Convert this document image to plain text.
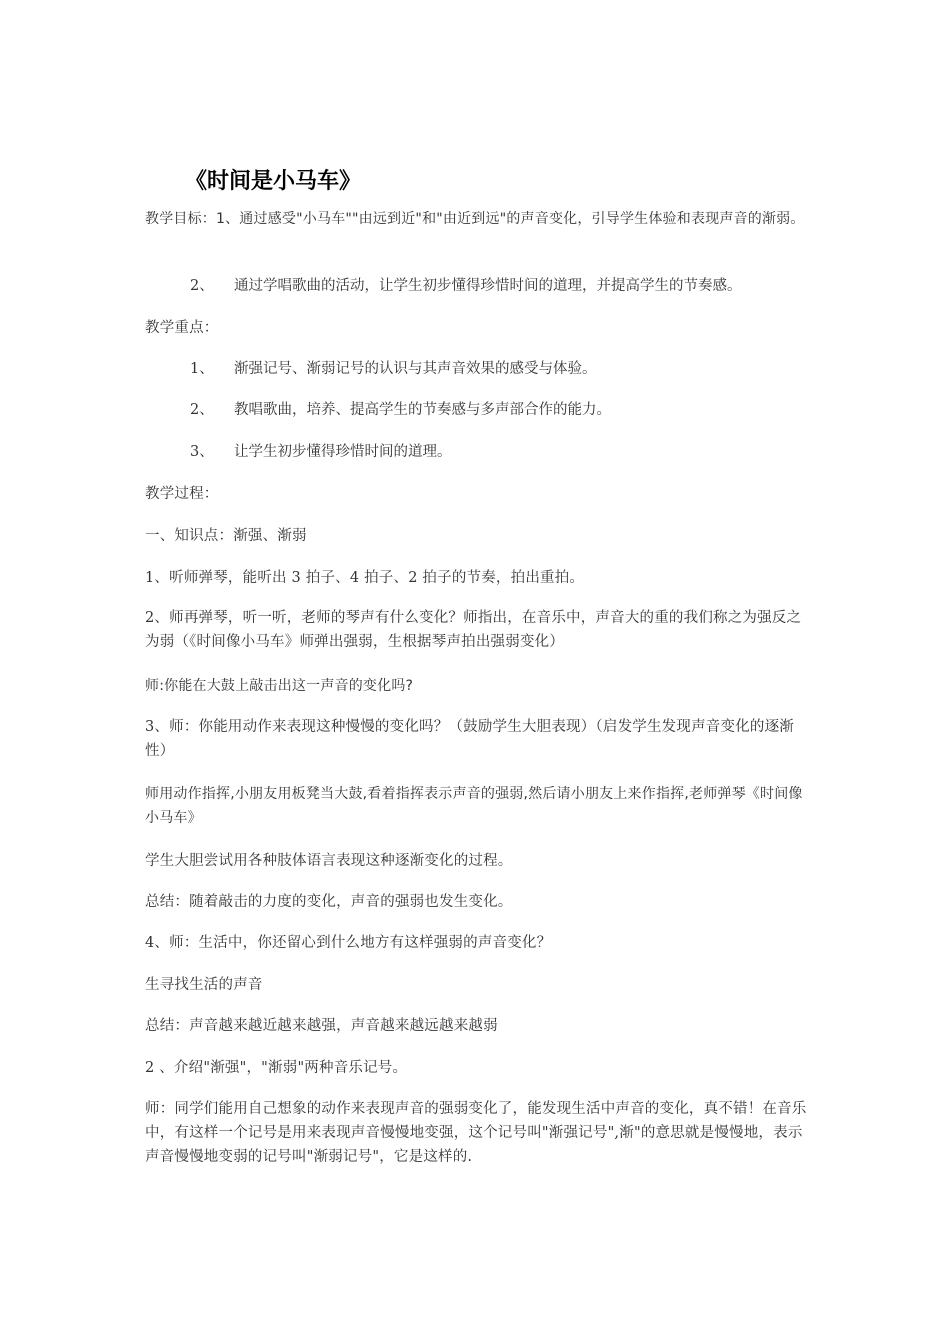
《时间是小马车》
教学目标：1、通过感受"小马车""由远到近"和"由近到远"的声音变化，引导学生体验和表现声音的渐弱。
2、 通过学唱歌曲的活动，让学生初步懂得珍惜时间的道理，并提高学生的节奏感。
教学重点：
1、 渐强记号、渐弱记号的认识与其声音效果的感受与体验。
2、 教唱歌曲，培养、提高学生的节奏感与多声部合作的能力。
3、 让学生初步懂得珍惜时间的道理。
教学过程：
一、知识点：渐强、渐弱
1、听师弹琴，能听出 3 拍子、4 拍子、2 拍子的节奏，拍出重拍。
2、师再弹琴，听一听，老师的琴声有什么变化？师指出，在音乐中，声音大的重的我们称之为强反之为弱（《时间像小马车》师弹出强弱，生根据琴声拍出强弱变化）
师:你能在大鼓上敲击出这一声音的变化吗?
3、师：你能用动作来表现这种慢慢的变化吗？（鼓励学生大胆表现）（启发学生发现声音变化的逐渐性）
师用动作指挥,小朋友用板凳当大鼓,看着指挥表示声音的强弱,然后请小朋友上来作指挥,老师弹琴《时间像小马车》
学生大胆尝试用各种肢体语言表现这种逐渐变化的过程。
总结：随着敲击的力度的变化，声音的强弱也发生变化。
4、师：生活中，你还留心到什么地方有这样强弱的声音变化？
生寻找生活的声音
总结：声音越来越近越来越强，声音越来越远越来越弱
2 、介绍"渐强"，"渐弱"两种音乐记号。
师：同学们能用自己想象的动作来表现声音的强弱变化了，能发现生活中声音的变化，真不错！在音乐中，有这样一个记号是用来表现声音慢慢地变强，这个记号叫"渐强记号",渐"的意思就是慢慢地，表示声音慢慢地变弱的记号叫"渐弱记号"，它是这样的.
